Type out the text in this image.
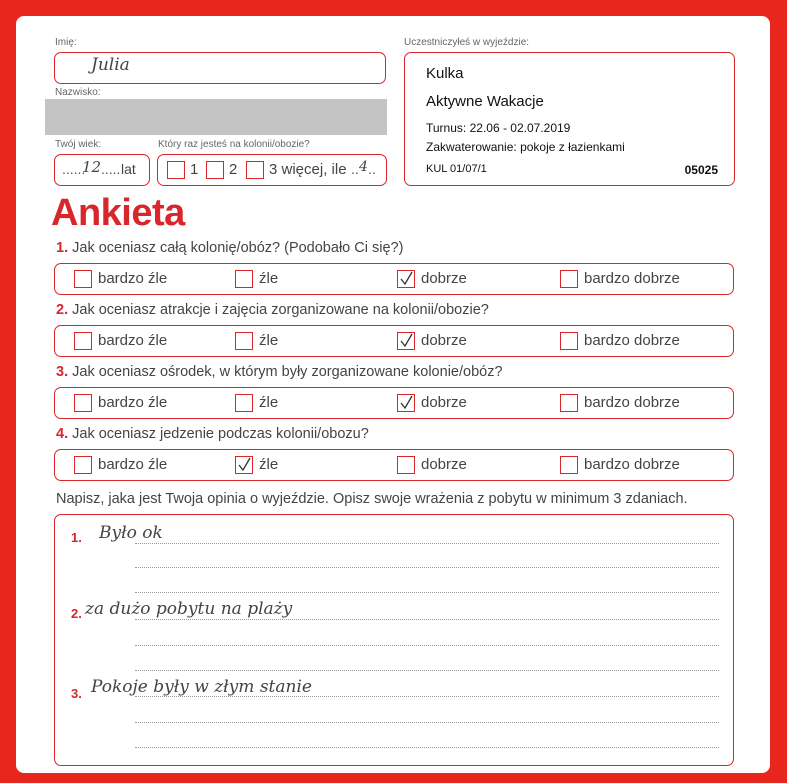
Imię:
Julia
Nazwisko:
Twój wiek:
......
12 ..... lat
Który raz jesteś na kolonii/obozie?
1 2 3 więcej, ile .. 4 ..
Uczestniczyłeś w wyjeździe:
Kulka
Aktywne Wakacje
Turnus: 22.06 - 02.07.2019
Zakwaterowanie: pokoje z łazienkami
KUL 01/07/1	05025
Ankieta
1. Jak oceniasz całą kolonię/obóz? (Podobało Ci się?)
bardzo źle	źle	dobrze	bardzo dobrze
2. Jak oceniasz atrakcje i zajęcia zorganizowane na kolonii/obozie?
bardzo źle	źle	dobrze	bardzo dobrze
3. Jak oceniasz ośrodek, w którym były zorganizowane kolonie/obóz?
bardzo źle	źle	dobrze	bardzo dobrze
4. Jak oceniasz jedzenie podczas kolonii/obozu?
bardzo źle	źle	dobrze	bardzo dobrze
Napisz, jaka jest Twoja opinia o wyjeździe. Opisz swoje wrażenia z pobytu w minimum 3 zdaniach.
1. Było ok
2. za dużo pobytu na plaży
3. Pokoje były w złym stanie
